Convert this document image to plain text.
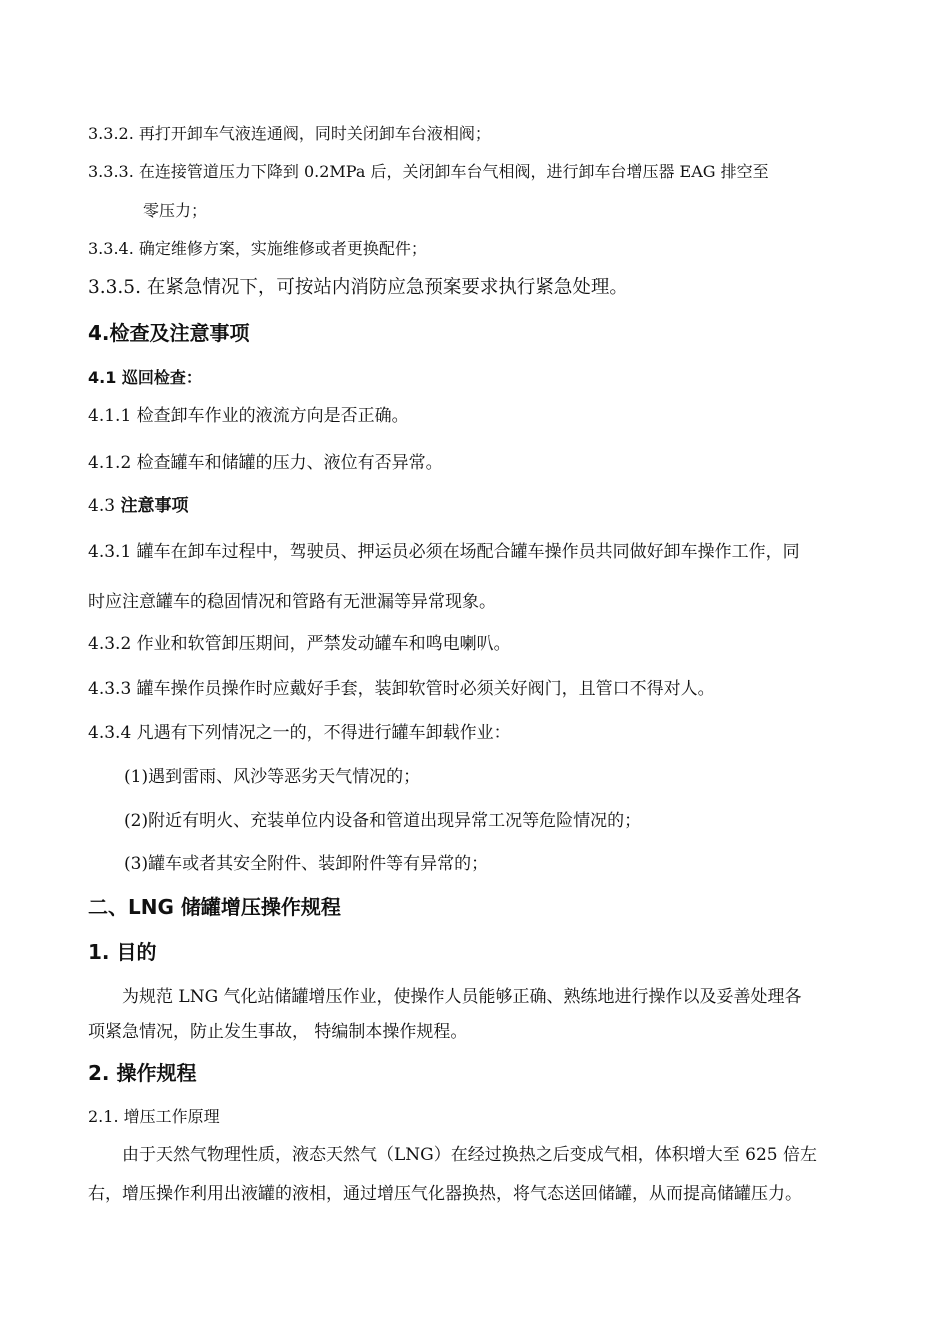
3.3.2. 再打开卸车气液连通阀，同时关闭卸车台液相阀；
3.3.3. 在连接管道压力下降到 0.2MPa 后，关闭卸车台气相阀，进行卸车台增压器 EAG 排空至
零压力；
3.3.4. 确定维修方案，实施维修或者更换配件；
3.3.5. 在紧急情况下，可按站内消防应急预案要求执行紧急处理。
4.检查及注意事项
4.1 巡回检查：
4.1.1 检查卸车作业的液流方向是否正确。
4.1.2 检查罐车和储罐的压力、液位有否异常。
4.3 注意事项
4.3.1 罐车在卸车过程中，驾驶员、押运员必须在场配合罐车操作员共同做好卸车操作工作，同
时应注意罐车的稳固情况和管路有无泄漏等异常现象。
4.3.2 作业和软管卸压期间，严禁发动罐车和鸣电喇叭。
4.3.3 罐车操作员操作时应戴好手套，装卸软管时必须关好阀门，且管口不得对人。
4.3.4 凡遇有下列情况之一的，不得进行罐车卸载作业：
(1)遇到雷雨、风沙等恶劣天气情况的；
(2)附近有明火、充装单位内设备和管道出现异常工况等危险情况的；
(3)罐车或者其安全附件、装卸附件等有异常的；
二、LNG 储罐增压操作规程
1. 目的
为规范 LNG 气化站储罐增压作业，使操作人员能够正确、熟练地进行操作以及妥善处理各
项紧急情况，防止发生事故， 特编制本操作规程。
2. 操作规程
2.1. 增压工作原理
由于天然气物理性质，液态天然气（LNG）在经过换热之后变成气相，体积增大至 625 倍左
右，增压操作利用出液罐的液相，通过增压气化器换热，将气态送回储罐，从而提高储罐压力。
